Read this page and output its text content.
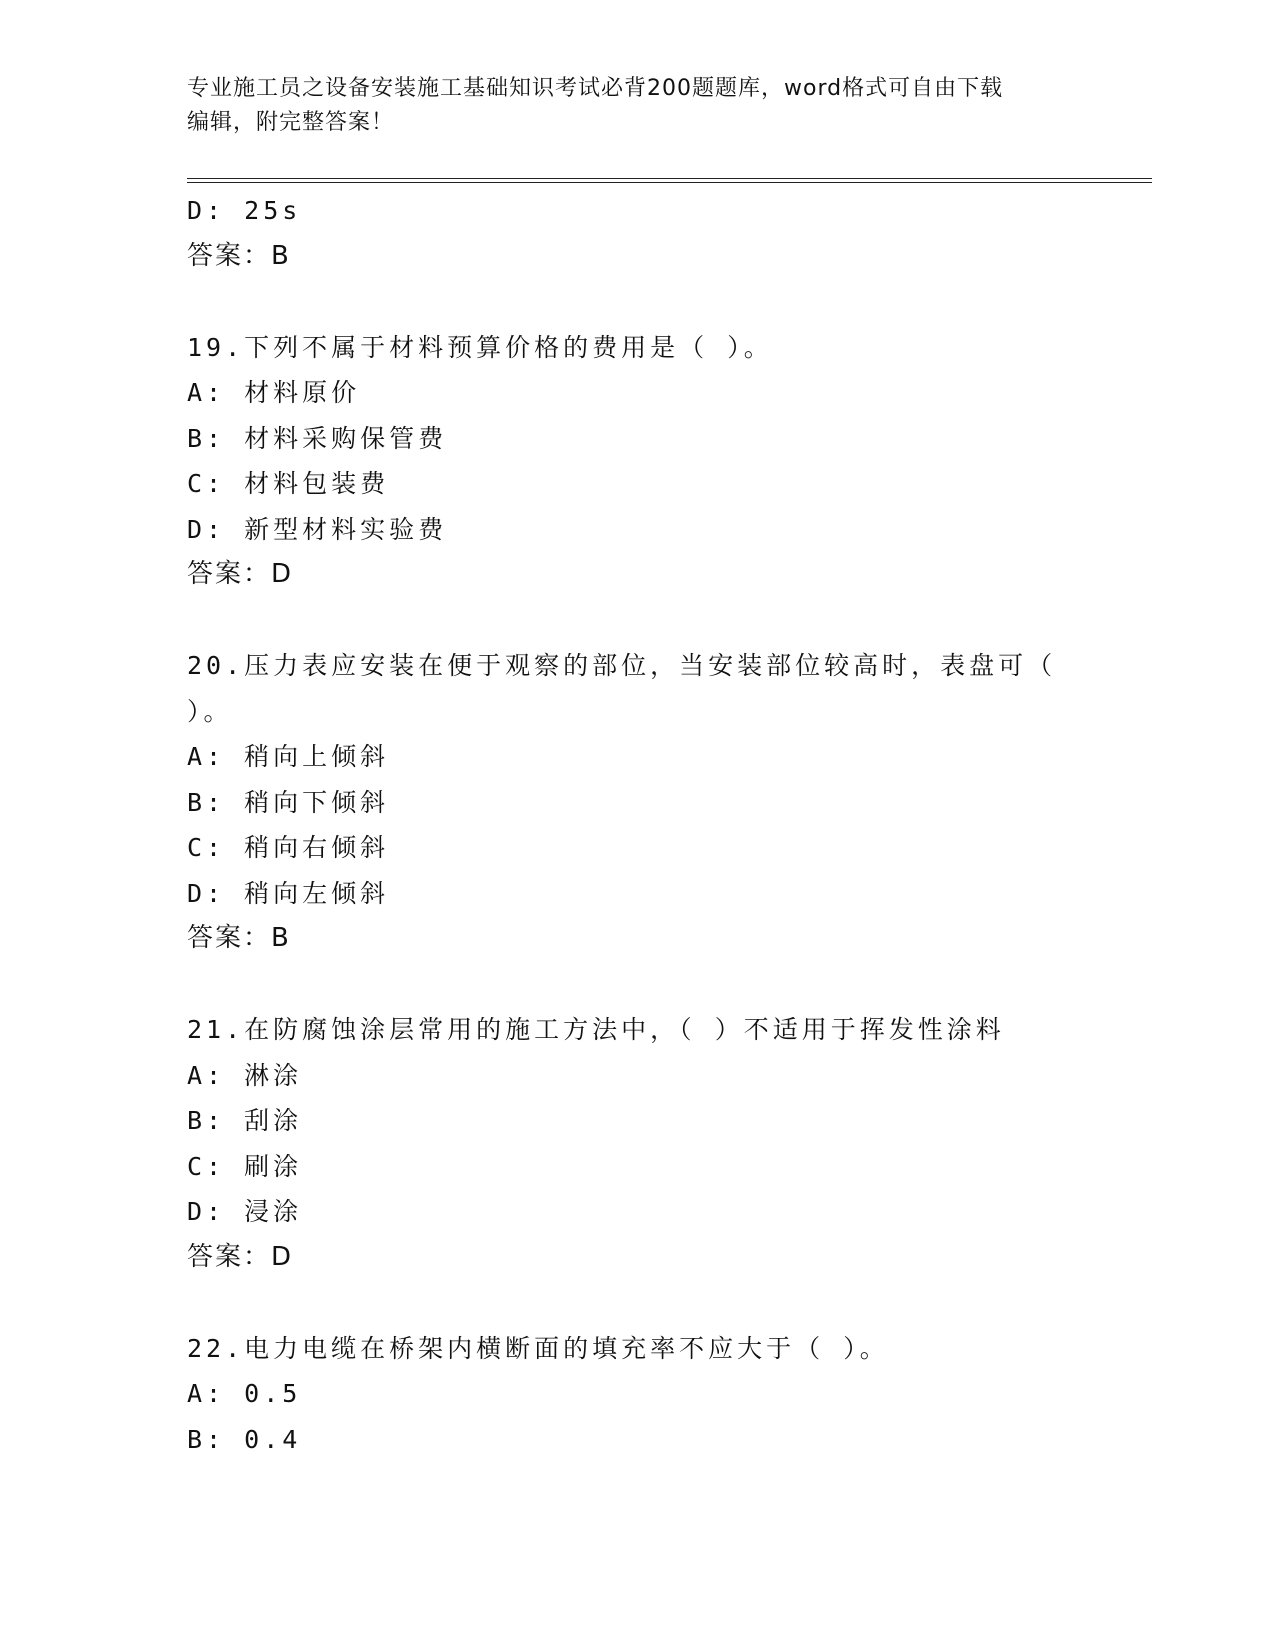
专业施工员之设备安装施工基础知识考试必背200题题库，word格式可自由下载
编辑，附完整答案！
D: 25s
答案：B
19.下列不属于材料预算价格的费用是（ ）。
A: 材料原价
B: 材料采购保管费
C: 材料包装费
D: 新型材料实验费
答案：D
20.压力表应安装在便于观察的部位，当安装部位较高时，表盘可（
）。
A: 稍向上倾斜
B: 稍向下倾斜
C: 稍向右倾斜
D: 稍向左倾斜
答案：B
21.在防腐蚀涂层常用的施工方法中，（ ）不适用于挥发性涂料
A: 淋涂
B: 刮涂
C: 刷涂
D: 浸涂
答案：D
22.电力电缆在桥架内横断面的填充率不应大于（ ）。
A: 0.5
B: 0.4
